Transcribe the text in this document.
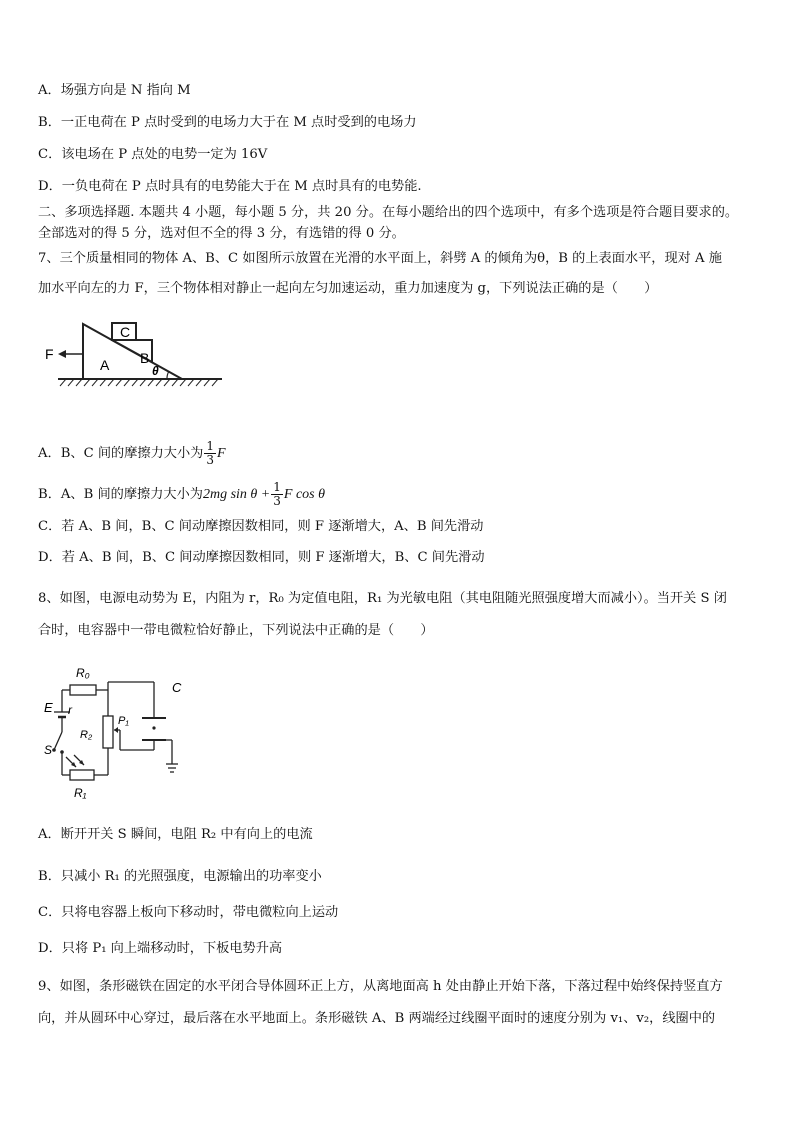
A．场强方向是 N 指向 M
B．一正电荷在 P 点时受到的电场力大于在 M 点时受到的电场力
C．该电场在 P 点处的电势一定为 16V
D．一负电荷在 P 点时具有的电势能大于在 M 点时具有的电势能.
二、多项选择题. 本题共 4 小题，每小题 5 分，共 20 分。在每小题给出的四个选项中，有多个选项是符合题目要求的。
全部选对的得 5 分，选对但不全的得 3 分，有选错的得 0 分。
7、三个质量相同的物体 A、B、C 如图所示放置在光滑的水平面上，斜劈 A 的倾角为θ，B 的上表面水平，现对 A 施
加水平向左的力 F，三个物体相对静止一起向左匀加速运动，重力加速度为 g，下列说法正确的是（　　）
C
B
A
F
θ
A．B、C 间的摩擦力大小为 $\frac{1}{3}$ F
B．A、B 间的摩擦力大小为2mg $\sin \theta + \frac{1}{3}$ F cos θ
C．若 A、B 间，B、C 间动摩擦因数相同，则 F 逐渐增大，A、B 间先滑动
D．若 A、B 间，B、C 间动摩擦因数相同，则 F 逐渐增大，B、C 间先滑动
8、如图，电源电动势为 E，内阻为 r，R₀ 为定值电阻，R₁ 为光敏电阻（其电阻随光照强度增大而减小）。当开关 S 闭
合时，电容器中一带电微粒恰好静止，下列说法中正确的是（　　）
R₀
C
E r
P₁
R₂
S
R₁
A．断开开关 S 瞬间，电阻 R₂ 中有向上的电流
B．只减小 R₁ 的光照强度，电源输出的功率变小
C．只将电容器上板向下移动时，带电微粒向上运动
D．只将 P₁ 向上端移动时，下板电势升高
9、如图，条形磁铁在固定的水平闭合导体圆环正上方，从离地面高 h 处由静止开始下落，下落过程中始终保持竖直方
向，并从圆环中心穿过，最后落在水平地面上。条形磁铁 A、B 两端经过线圈平面时的速度分别为 v₁、v₂，线圈中的
